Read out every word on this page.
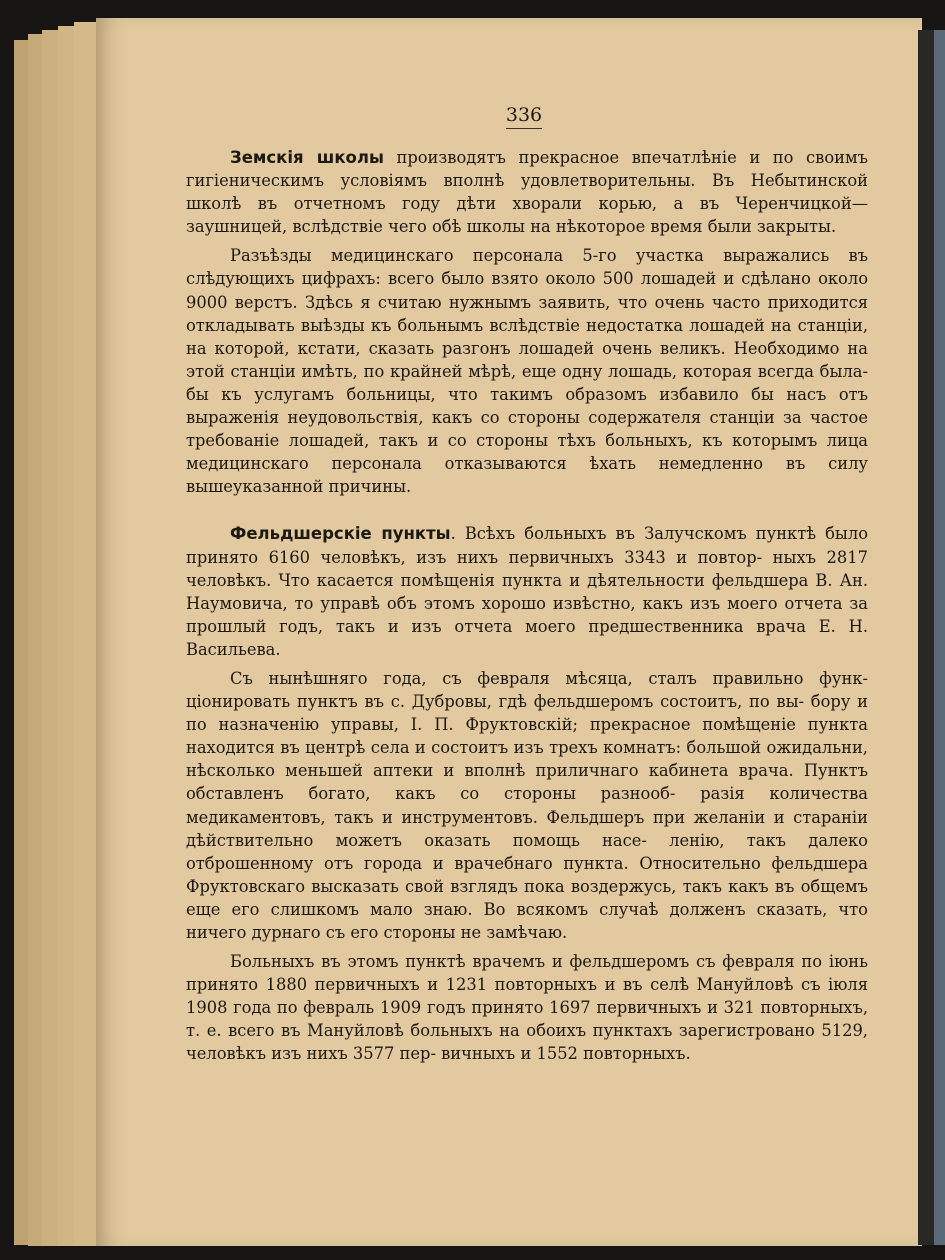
336

Земскія школы производятъ прекрасное впечатлѣніе и по своимъ гигіеническимъ условіямъ вполнѣ удовлетворительны. Въ Небытинской школѣ въ отчетномъ году дѣти хворали корью, а въ Черенчицкой— заушницей, вслѣдствіе чего обѣ школы на нѣкоторое время были закрыты.

Разъѣзды медицинскаго персонала 5-го участка выражались въ слѣдующихъ цифрахъ: всего было взято около 500 лошадей и сдѣлано около 9000 верстъ. Здѣсь я считаю нужнымъ заявить, что очень часто приходится откладывать выѣзды къ больнымъ вслѣдствіе недостатка лошадей на станціи, на которой, кстати, сказать разгонъ лошадей очень великъ. Необходимо на этой станціи имѣть, по крайней мѣрѣ, еще одну лошадь, которая всегда была-бы къ услугамъ больницы, что такимъ образомъ избавило бы насъ отъ выраженія неудовольствія, какъ со стороны содержателя станціи за частое требованіе лошадей, такъ и со стороны тѣхъ больныхъ, къ которымъ лица медицинскаго персонала отказываются ѣхать немедленно въ силу вышеуказанной причины.

Фельдшерскіе пункты. Всѣхъ больныхъ въ Залучскомъ пунктѣ было принято 6160 человѣкъ, изъ нихъ первичныхъ 3343 и повтор- ныхъ 2817 человѣкъ. Что касается помѣщенія пункта и дѣятельности фельдшера В. Ан. Наумовича, то управѣ объ этомъ хорошо извѣстно, какъ изъ моего отчета за прошлый годъ, такъ и изъ отчета моего предшественника врача Е. Н. Васильева.

Съ нынѣшняго года, съ февраля мѣсяца, сталъ правильно функ- ціонировать пунктъ въ с. Дубровы, гдѣ фельдшеромъ состоитъ, по вы- бору и по назначенію управы, І. П. Фруктовскій; прекрасное помѣщеніе пункта находится въ центрѣ села и состоитъ изъ трехъ комнатъ: большой ожидальни, нѣсколько меньшей аптеки и вполнѣ приличнаго кабинета врача. Пунктъ обставленъ богато, какъ со стороны разнооб- разія количества медикаментовъ, такъ и инструментовъ. Фельдшеръ при желаніи и стараніи дѣйствительно можетъ оказать помощь насе- ленію, такъ далеко отброшенному отъ города и врачебнаго пункта. Относительно фельдшера Фруктовскаго высказать свой взглядъ пока воздержусь, такъ какъ въ общемъ еще его слишкомъ мало знаю. Во всякомъ случаѣ долженъ сказать, что ничего дурнаго съ его стороны не замѣчаю.

Больныхъ въ этомъ пунктѣ врачемъ и фельдшеромъ съ февраля по іюнь принято 1880 первичныхъ и 1231 повторныхъ и въ селѣ Мануйловѣ съ іюля 1908 года по февраль 1909 годъ принято 1697 первичныхъ и 321 повторныхъ, т. е. всего въ Мануйловѣ больныхъ на обоихъ пунктахъ зарегистровано 5129, человѣкъ изъ нихъ 3577 пер- вичныхъ и 1552 повторныхъ.
